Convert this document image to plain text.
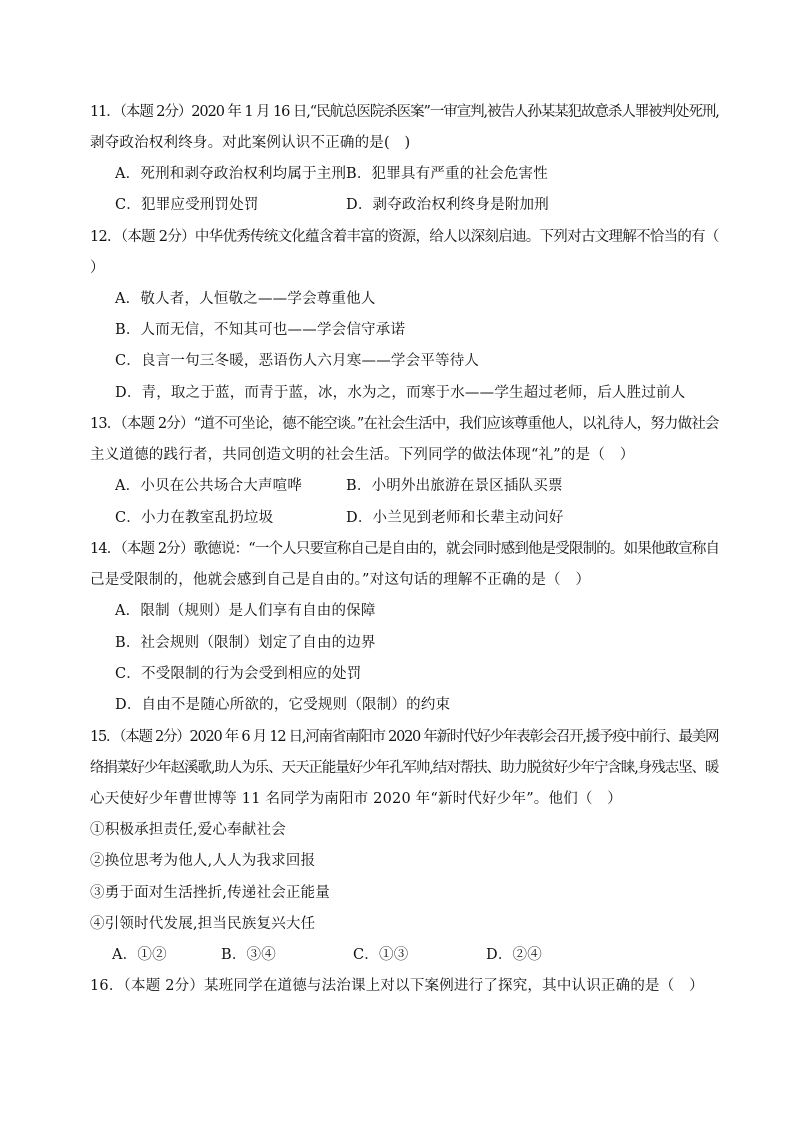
11．（本题 2分）2020 年 1 月 16 日,“民航总医院杀医案”一审宣判,被告人孙某某犯故意杀人罪被判处死刑,
剥夺政治权利终身。对此案例认识不正确的是(　)
A．死刑和剥夺政治权利均属于主刑 B．犯罪具有严重的社会危害性
C．犯罪应受刑罚处罚	D．剥夺政治权利终身是附加刑
12．（本题 2分）中华优秀传统文化蕴含着丰富的资源，给人以深刻启迪。下列对古文理解不恰当的有（
）
A．敬人者，人恒敬之——学会尊重他人
B．人而无信，不知其可也——学会信守承诺
C．良言一句三冬暖，恶语伤人六月寒——学会平等待人
D．青，取之于蓝，而青于蓝，冰，水为之，而寒于水——学生超过老师，后人胜过前人
13．（本题 2分）“道不可坐论，德不能空谈。”在社会生活中，我们应该尊重他人，以礼待人，努力做社会
主义道德的践行者，共同创造文明的社会生活。下列同学的做法体现“礼”的是（　）
A．小贝在公共场合大声喧哗	B．小明外出旅游在景区插队买票
C．小力在教室乱扔垃圾	D．小兰见到老师和长辈主动问好
14．（本题 2分）歌德说：“一个人只要宣称自己是自由的，就会同时感到他是受限制的。如果他敢宣称自
己是受限制的，他就会感到自己是自由的。”对这句话的理解不正确的是（　）
A．限制（规则）是人们享有自由的保障
B．社会规则（限制）划定了自由的边界
C．不受限制的行为会受到相应的处罚
D．自由不是随心所欲的，它受规则（限制）的约束
15．（本题 2分）2020 年 6 月 12 日,河南省南阳市 2020 年新时代好少年表彰会召开,援予疫中前行、最美网
络捐菜好少年赵溪歌,助人为乐、天天正能量好少年孔军帅,结对帮扶、助力脱贫好少年宁含睐,身残志坚、暖
心天使好少年曹世博等 11 名同学为南阳市 2020 年“新时代好少年”。他们（　）
①积极承担责任,爱心奉献社会
②换位思考为他人,人人为我求回报
③勇于面对生活挫折,传递社会正能量
④引领时代发展,担当民族复兴大任
A．①②	B．③④	C．①③	D．②④
16．（本题 2分）某班同学在道德与法治课上对以下案例进行了探究，其中认识正确的是（　）
